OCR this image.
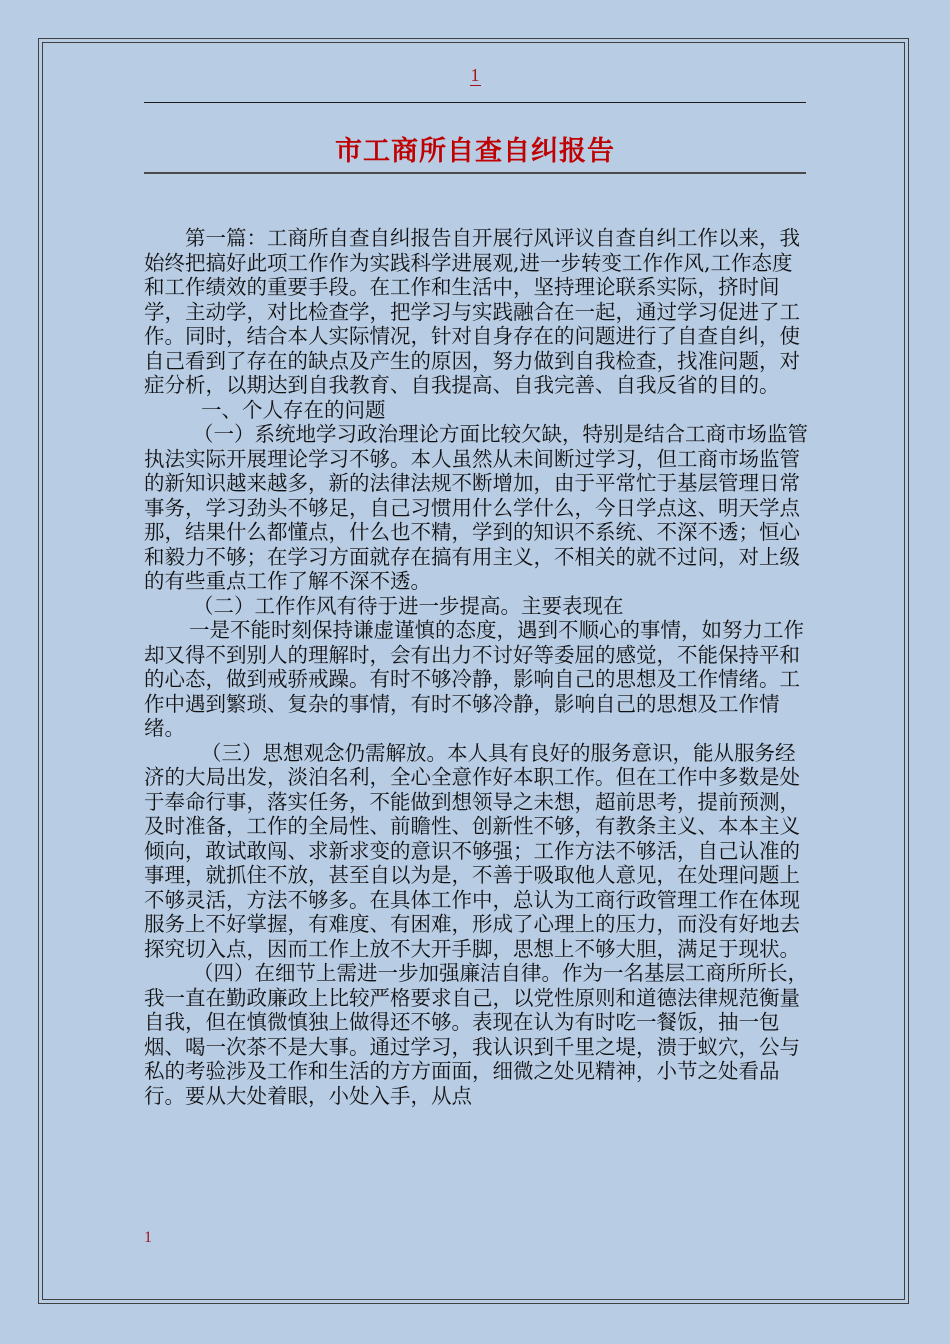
1
市工商所自查自纠报告

第一篇：工商所自查自纠报告自开展行风评议自查自纠工作以来，我始终把搞好此项工作作为实践科学进展观,进一步转变工作作风,工作态度和工作绩效的重要手段。在工作和生活中，坚持理论联系实际，挤时间学，主动学，对比检查学，把学习与实践融合在一起，通过学习促进了工作。同时，结合本人实际情况，针对自身存在的问题进行了自查自纠，使自己看到了存在的缺点及产生的原因，努力做到自我检查，找准问题，对症分析，以期达到自我教育、自我提高、自我完善、自我反省的目的。

一、个人存在的问题

（一）系统地学习政治理论方面比较欠缺，特别是结合工商市场监管执法实际开展理论学习不够。本人虽然从未间断过学习，但工商市场监管的新知识越来越多，新的法律法规不断增加，由于平常忙于基层管理日常事务，学习劲头不够足，自己习惯用什么学什么，今日学点这、明天学点那，结果什么都懂点，什么也不精，学到的知识不系统、不深不透；恒心和毅力不够；在学习方面就存在搞有用主义，不相关的就不过问，对上级的有些重点工作了解不深不透。

（二）工作作风有待于进一步提高。主要表现在

一是不能时刻保持谦虚谨慎的态度，遇到不顺心的事情，如努力工作却又得不到别人的理解时，会有出力不讨好等委屈的感觉，不能保持平和的心态，做到戒骄戒躁。有时不够冷静，影响自己的思想及工作情绪。工作中遇到繁琐、复杂的事情，有时不够冷静，影响自己的思想及工作情绪。

（三）思想观念仍需解放。本人具有良好的服务意识，能从服务经济的大局出发，淡泊名利，全心全意作好本职工作。但在工作中多数是处于奉命行事，落实任务，不能做到想领导之未想，超前思考，提前预测，及时准备，工作的全局性、前瞻性、创新性不够，有教条主义、本本主义倾向，敢试敢闯、求新求变的意识不够强；工作方法不够活，自己认准的事理，就抓住不放，甚至自以为是，不善于吸取他人意见，在处理问题上不够灵活，方法不够多。在具体工作中，总认为工商行政管理工作在体现服务上不好掌握，有难度、有困难，形成了心理上的压力，而没有好地去探究切入点，因而工作上放不大开手脚，思想上不够大胆，满足于现状。

（四）在细节上需进一步加强廉洁自律。作为一名基层工商所所长，我一直在勤政廉政上比较严格要求自己，以党性原则和道德法律规范衡量自我，但在慎微慎独上做得还不够。表现在认为有时吃一餐饭，抽一包烟、喝一次茶不是大事。通过学习，我认识到千里之堤，溃于蚁穴，公与私的考验涉及工作和生活的方方面面，细微之处见精神，小节之处看品行。要从大处着眼，小处入手，从点

1
